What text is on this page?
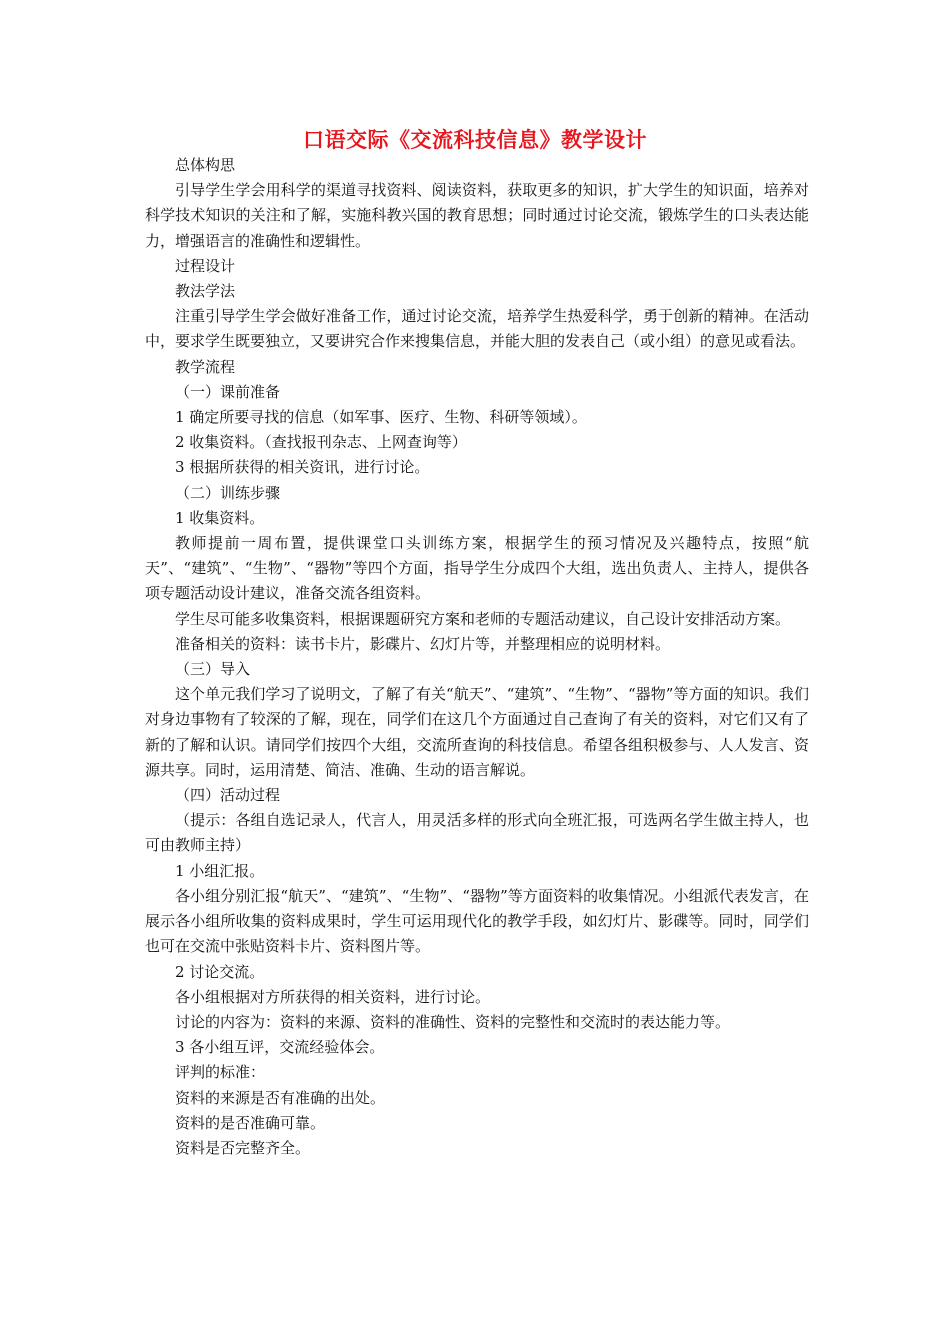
口语交际《交流科技信息》教学设计

总体构思

引导学生学会用科学的渠道寻找资料、阅读资料，获取更多的知识，扩大学生的知识面，培养对科学技术知识的关注和了解，实施科教兴国的教育思想；同时通过讨论交流，锻炼学生的口头表达能力，增强语言的准确性和逻辑性。

过程设计

教法学法

注重引导学生学会做好准备工作，通过讨论交流，培养学生热爱科学，勇于创新的精神。在活动中，要求学生既要独立，又要讲究合作来搜集信息，并能大胆的发表自己（或小组）的意见或看法。

教学流程

（一）课前准备

1 确定所要寻找的信息（如军事、医疗、生物、科研等领域）。

2 收集资料。（查找报刊杂志、上网查询等）

3 根据所获得的相关资讯，进行讨论。

（二）训练步骤

1 收集资料。

教师提前一周布置，提供课堂口头训练方案，根据学生的预习情况及兴趣特点，按照“航天”、“建筑”、“生物”、“器物”等四个方面，指导学生分成四个大组，选出负责人、主持人，提供各项专题活动设计建议，准备交流各组资料。

学生尽可能多收集资料，根据课题研究方案和老师的专题活动建议，自己设计安排活动方案。

准备相关的资料：读书卡片，影碟片、幻灯片等，并整理相应的说明材料。

（三）导入

这个单元我们学习了说明文，了解了有关“航天”、“建筑”、“生物”、“器物”等方面的知识。我们对身边事物有了较深的了解，现在，同学们在这几个方面通过自己查询了有关的资料，对它们又有了新的了解和认识。请同学们按四个大组，交流所查询的科技信息。希望各组积极参与、人人发言、资源共享。同时，运用清楚、简洁、准确、生动的语言解说。

（四）活动过程

（提示：各组自选记录人，代言人，用灵活多样的形式向全班汇报，可选两名学生做主持人，也可由教师主持）

1 小组汇报。

各小组分别汇报“航天”、“建筑”、“生物”、“器物”等方面资料的收集情况。小组派代表发言，在展示各小组所收集的资料成果时，学生可运用现代化的教学手段，如幻灯片、影碟等。同时，同学们也可在交流中张贴资料卡片、资料图片等。

2 讨论交流。

各小组根据对方所获得的相关资料，进行讨论。

讨论的内容为：资料的来源、资料的准确性、资料的完整性和交流时的表达能力等。

3 各小组互评，交流经验体会。

评判的标准：

资料的来源是否有准确的出处。

资料的是否准确可靠。

资料是否完整齐全。
